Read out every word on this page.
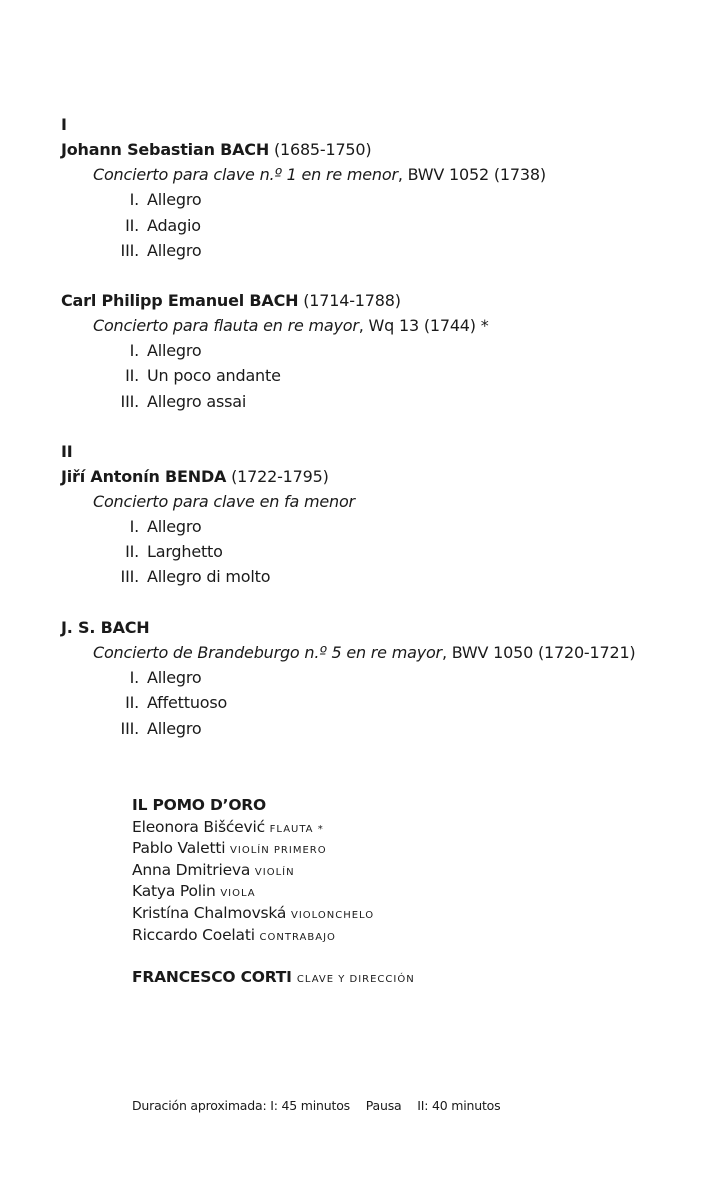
I
Johann Sebastian BACH (1685-1750)
Concierto para clave n.º 1 en re menor, BWV 1052 (1738)
I. Allegro
II. Adagio
III. Allegro
Carl Philipp Emanuel BACH (1714-1788)
Concierto para flauta en re mayor, Wq 13 (1744) *
I. Allegro
II. Un poco andante
III. Allegro assai
II
Jiří Antonín BENDA (1722-1795)
Concierto para clave en fa menor
I. Allegro
II. Larghetto
III. Allegro di molto
J. S. BACH
Concierto de Brandeburgo n.º 5 en re mayor, BWV 1050 (1720-1721)
I. Allegro
II. Affettuoso
III. Allegro
IL POMO D’ORO
Eleonora Bišćević FLAUTA *
Pablo Valetti VIOLÍN PRIMERO
Anna Dmitrieva VIOLÍN
Katya Polin VIOLA
Kristína Chalmovská VIOLONCHELO
Riccardo Coelati CONTRABAJO
FRANCESCO CORTI CLAVE Y DIRECCIÓN
Duración aproximada: I: 45 minutos Pausa II: 40 minutos
